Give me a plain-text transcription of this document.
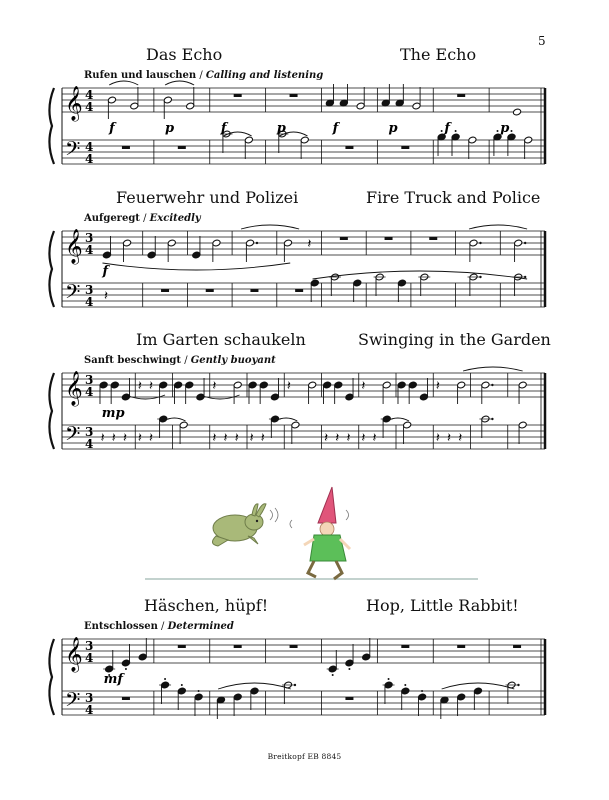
5
Das Echo	The Echo
Rufen und lauschen / Calling and listening
𝄞
𝄢
4
4
4
4
f	p	f	p	f	p	f	p
Feuerwehr und Polizei	Fire Truck and Police
Aufgeregt / Excitedly
𝄞
𝄢
3
4
3
4
𝄽
𝄽
f
Im Garten schaukeln	Swinging in the Garden
Sanft beschwingt / Gently buoyant
𝄞
𝄢
3
4
3
4
𝄽 𝄽	𝄽	𝄽	𝄽	𝄽
𝄽 𝄽 𝄽 𝄽 𝄽	𝄽 𝄽 𝄽 𝄽 𝄽	𝄽 𝄽 𝄽 𝄽 𝄽	𝄽 𝄽 𝄽
mp
Häschen, hüpf!	Hop, Little Rabbit!
Entschlossen / Determined
𝄞
𝄢
3
4
3
4
mf
Breitkopf EB 8845
